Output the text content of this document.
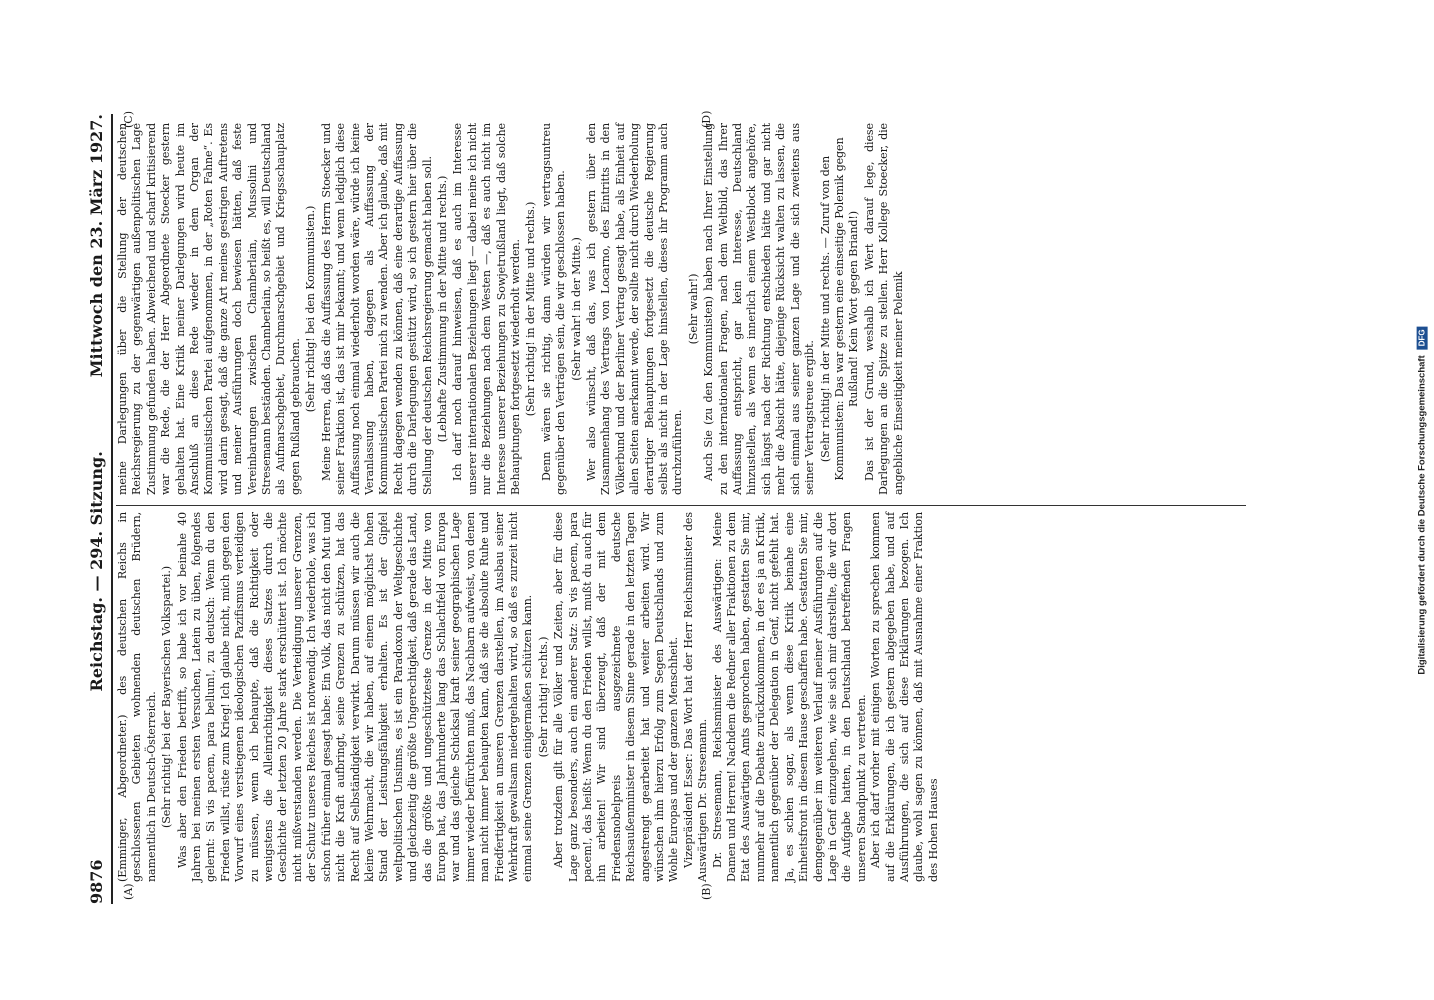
9876
Reichstag. — 294. Sitzung.
Mittwoch den 23. März 1927.
(A)	(B)
(C)	(D)

(Emminger, Abgeordneter.) des deutschen Reichs in geschlossenen Gebieten wohnenden deutschen Brüdern, namentlich in Deutsch-Österreich. (Sehr richtig! bei der Bayerischen Volkspartei.) Was aber den Frieden betrifft, so habe ich vor beinahe 40 Jahren bei meinen ersten Versuchen, Latein zu üben, folgendes gelernt: Si vis pacem, para bellum!, zu deutsch: Wenn du den Frieden willst, rüste zum Krieg! Ich glaube nicht, mich gegen den Vorwurf eines verstiegenen ideologischen Pazifismus verteidigen zu müssen, wenn ich behaupte, daß die Richtigkeit oder wenigstens die Alleinrichtigkeit dieses Satzes durch die Geschichte der letzten 20 Jahre stark erschüttert ist. Ich möchte nicht mißverstanden werden. Die Verteidigung unserer Grenzen, der Schutz unseres Reiches ist notwendig. Ich wiederhole, was ich schon früher einmal gesagt habe: Ein Volk, das nicht den Mut und nicht die Kraft aufbringt, seine Grenzen zu schützen, hat das Recht auf Selbständigkeit verwirkt. Darum müssen wir auch die kleine Wehrmacht, die wir haben, auf einem möglichst hohen Stand der Leistungsfähigkeit erhalten. Es ist der Gipfel weltpolitischen Unsinns, es ist ein Paradoxon der Weltgeschichte und gleichzeitig die größte Ungerechtigkeit, daß gerade das Land, das die größte und ungeschützteste Grenze in der Mitte von Europa hat, das Jahrhunderte lang das Schlachtfeld von Europa war und das gleiche Schicksal kraft seiner geographischen Lage immer wieder befürchten muß, das Nachbarn aufweist, von denen man nicht immer behaupten kann, daß sie die absolute Ruhe und Friedfertigkeit an unseren Grenzen darstellen, im Ausbau seiner Wehrkraft gewaltsam niedergehalten wird, so daß es zurzeit nicht einmal seine Grenzen einigermaßen schützen kann. (Sehr richtig! rechts.) Aber trotzdem gilt für alle Völker und Zeiten, aber für diese Lage ganz besonders, auch ein anderer Satz: Si vis pacem, para pacem!, das heißt: Wenn du den Frieden willst, mußt du auch für ihn arbeiten! Wir sind überzeugt, daß der mit dem Friedensnobelpreis ausgezeichnete deutsche Reichsaußenminister in diesem Sinne gerade in den letzten Tagen angestrengt gearbeitet hat und weiter arbeiten wird. Wir wünschen ihm hierzu Erfolg zum Segen Deutschlands und zum Wohle Europas und der ganzen Menschheit. Vizepräsident Esser: Das Wort hat der Herr Reichsminister des Auswärtigen Dr. Stresemann. Dr. Stresemann, Reichsminister des Auswärtigen: Meine Damen und Herren! Nachdem die Redner aller Fraktionen zu dem Etat des Auswärtigen Amts gesprochen haben, gestatten Sie mir, nunmehr auf die Debatte zurückzukommen, in der es ja an Kritik, namentlich gegenüber der Delegation in Genf, nicht gefehlt hat. Ja, es schien sogar, als wenn diese Kritik beinahe eine Einheitsfront in diesem Hause geschaffen habe. Gestatten Sie mir, demgegenüber im weiteren Verlauf meiner Ausführungen auf die Lage in Genf einzugehen, wie sie sich mir darstellte, die wir dort die Aufgabe hatten, in den Deutschland betreffenden Fragen unseren Standpunkt zu vertreten. Aber ich darf vorher mit einigen Worten zu sprechen kommen auf die Erklärungen, die ich gestern abgegeben habe, und auf Ausführungen, die sich auf diese Erklärungen bezogen. Ich glaube, wohl sagen zu können, daß mit Ausnahme einer Fraktion des Hohen Hauses

meine Darlegungen über die Stellung der deutschen Reichsregierung zu der gegenwärtigen außenpolitischen Lage Zustimmung gefunden haben. Abweichend und scharf kritisierend war die Rede, die der Herr Abgeordnete Stoecker gestern gehalten hat. Eine Kritik meiner Darlegungen wird heute im Anschluß an diese Rede wieder in dem Organ der Kommunistischen Partei aufgenommen, in der „Roten Fahne“. Es wird darin gesagt, daß die ganze Art meines gestrigen Auftretens und meiner Ausführungen doch bewiesen hätten, daß feste Vereinbarungen zwischen Chamberlain, Mussolini und Stresemann beständen. Chamberlain, so heißt es, will Deutschland als Aufmarschgebiet, Durchmarschgebiet und Kriegsschauplatz gegen Rußland gebrauchen.

(Sehr richtig! bei den Kommunisten.) Meine Herren, daß das die Auffassung des Herrn Stoecker und seiner Fraktion ist, das ist mir bekannt; und wenn lediglich diese Auffassung noch einmal wiederholt worden wäre, würde ich keine Veranlassung haben, dagegen als Auffassung der Kommunistischen Partei mich zu wenden. Aber ich glaube, daß mit Recht dagegen wenden zu können, daß eine derartige Auffassung durch die Darlegungen gestützt wird, so ich gestern hier über die Stellung der deutschen Reichsregierung gemacht haben soll. (Lebhafte Zustimmung in der Mitte und rechts.) Ich darf noch darauf hinweisen, daß es auch im Interesse unserer internationalen Beziehungen liegt — dabei meine ich nicht nur die Beziehungen nach dem Westen —, daß es auch nicht im Interesse unserer Beziehungen zu Sowjetrußland liegt, daß solche Behauptungen fortgesetzt wiederholt werden. (Sehr richtig! in der Mitte und rechts.) Denn wären sie richtig, dann würden wir vertragsuntreu gegenüber den Verträgen sein, die wir geschlossen haben. (Sehr wahr! in der Mitte.) Wer also wünscht, daß das, was ich gestern über den Zusammenhang des Vertrags von Locarno, des Eintritts in den Völkerbund und der Berliner Vertrag gesagt habe, als Einheit auf allen Seiten anerkannt werde, der sollte nicht durch Wiederholung derartiger Behauptungen fortgesetzt die deutsche Regierung selbst als nicht in der Lage hinstellen, dieses ihr Programm auch durchzuführen.

(Sehr wahr!) Auch Sie (zu den Kommunisten) haben nach Ihrer Einstellung zu den internationalen Fragen, nach dem Weltbild, das Ihrer Auffassung entspricht, gar kein Interesse, Deutschland hinzustellen, als wenn es innerlich einem Westblock angehöre, sich längst nach der Richtung entschieden hätte und gar nicht mehr die Absicht hätte, diejenige Rücksicht walten zu lassen, die sich einmal aus seiner ganzen Lage und die sich zweitens aus seiner Vertragstreue ergibt. (Sehr richtig! in der Mitte und rechts. — Zuruf von den Kommunisten: Das war gestern eine einseitige Polemik gegen Rußland! Kein Wort gegen Briand!) Das ist der Grund, weshalb ich Wert darauf lege, diese Darlegungen an die Spitze zu stellen. Herr Kollege Stoecker, die angebliche Einseitigkeit meiner Polemik	Digitalisierung gefördert durch die Deutsche Forschungsgemeinschaft
DFG
